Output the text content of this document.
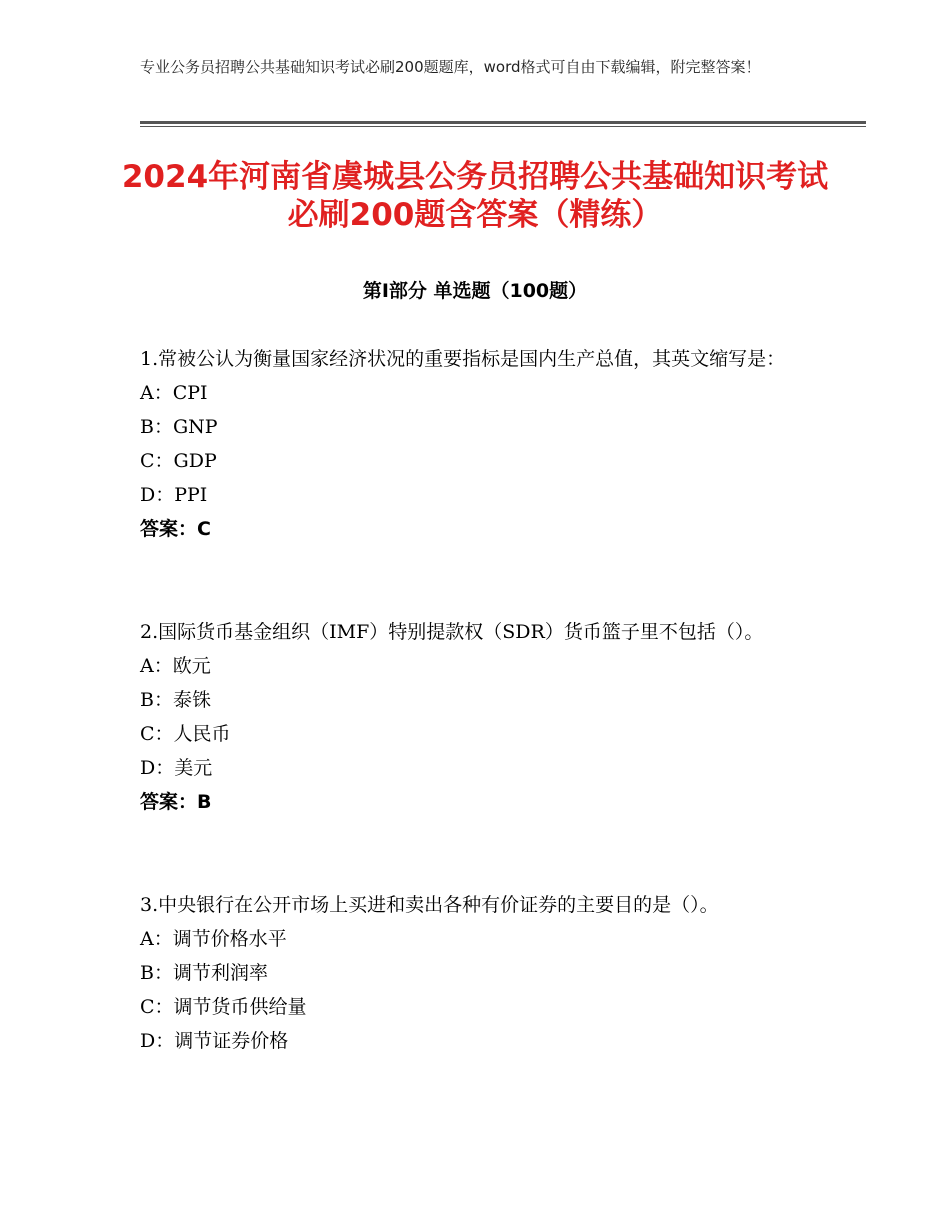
专业公务员招聘公共基础知识考试必刷200题题库，word格式可自由下载编辑，附完整答案！
2024年河南省虞城县公务员招聘公共基础知识考试必刷200题含答案（精练）
第Ⅰ部分 单选题（100题）

1.常被公认为衡量国家经济状况的重要指标是国内生产总值，其英文缩写是：

A：CPI

B：GNP

C：GDP

D：PPI

答案：C

2.国际货币基金组织（IMF）特别提款权（SDR）货币篮子里不包括（）。

A：欧元

B：泰铢

C：人民币

D：美元

答案：B

3.中央银行在公开市场上买进和卖出各种有价证券的主要目的是（）。

A：调节价格水平

B：调节利润率

C：调节货币供给量

D：调节证券价格
